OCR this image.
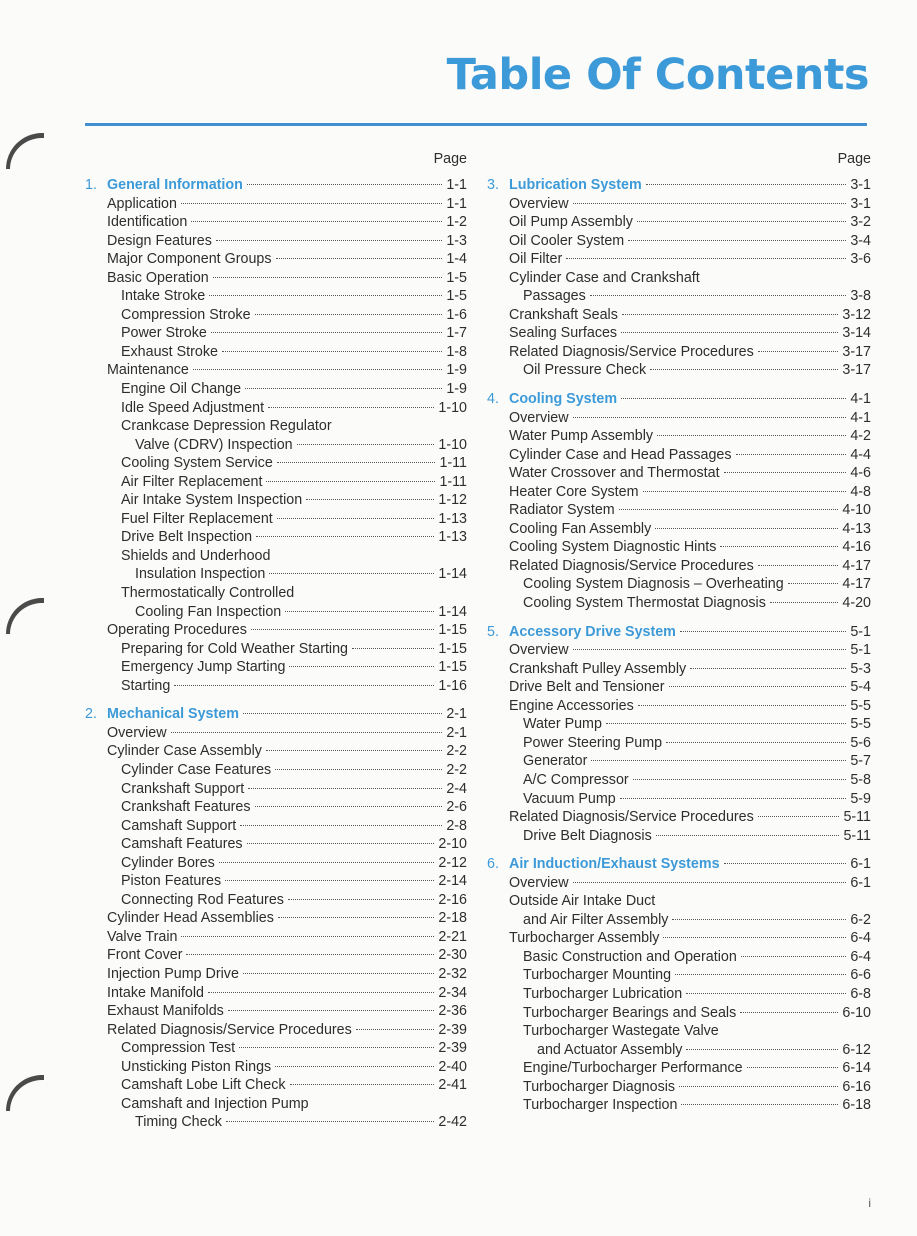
Table Of Contents
Page
1. General Information	1-1
Application	1-1
Identification	1-2
Design Features	1-3
Major Component Groups	1-4
Basic Operation	1-5
Intake Stroke	1-5
Compression Stroke	1-6
Power Stroke	1-7
Exhaust Stroke	1-8
Maintenance	1-9
Engine Oil Change	1-9
Idle Speed Adjustment	1-10
Crankcase Depression Regulator
Valve (CDRV) Inspection	1-10
Cooling System Service	1-11
Air Filter Replacement	1-11
Air Intake System Inspection	1-12
Fuel Filter Replacement	1-13
Drive Belt Inspection	1-13
Shields and Underhood
Insulation Inspection	1-14
Thermostatically Controlled
Cooling Fan Inspection	1-14
Operating Procedures	1-15
Preparing for Cold Weather Starting	1-15
Emergency Jump Starting	1-15
Starting	1-16
2. Mechanical System	2-1
Overview	2-1
Cylinder Case Assembly	2-2
Cylinder Case Features	2-2
Crankshaft Support	2-4
Crankshaft Features	2-6
Camshaft Support	2-8
Camshaft Features	2-10
Cylinder Bores	2-12
Piston Features	2-14
Connecting Rod Features	2-16
Cylinder Head Assemblies	2-18
Valve Train	2-21
Front Cover	2-30
Injection Pump Drive	2-32
Intake Manifold	2-34
Exhaust Manifolds	2-36
Related Diagnosis/Service Procedures	2-39
Compression Test	2-39
Unsticking Piston Rings	2-40
Camshaft Lobe Lift Check	2-41
Camshaft and Injection Pump
Timing Check	2-42
Page
3. Lubrication System	3-1
Overview	3-1
Oil Pump Assembly	3-2
Oil Cooler System	3-4
Oil Filter	3-6
Cylinder Case and Crankshaft
Passages	3-8
Crankshaft Seals	3-12
Sealing Surfaces	3-14
Related Diagnosis/Service Procedures	3-17
Oil Pressure Check	3-17
4. Cooling System	4-1
Overview	4-1
Water Pump Assembly	4-2
Cylinder Case and Head Passages	4-4
Water Crossover and Thermostat	4-6
Heater Core System	4-8
Radiator System	4-10
Cooling Fan Assembly	4-13
Cooling System Diagnostic Hints	4-16
Related Diagnosis/Service Procedures	4-17
Cooling System Diagnosis – Overheating	4-17
Cooling System Thermostat Diagnosis	4-20
5. Accessory Drive System	5-1
Overview	5-1
Crankshaft Pulley Assembly	5-3
Drive Belt and Tensioner	5-4
Engine Accessories	5-5
Water Pump	5-5
Power Steering Pump	5-6
Generator	5-7
A/C Compressor	5-8
Vacuum Pump	5-9
Related Diagnosis/Service Procedures	5-11
Drive Belt Diagnosis	5-11
6. Air Induction/Exhaust Systems	6-1
Overview	6-1
Outside Air Intake Duct
and Air Filter Assembly	6-2
Turbocharger Assembly	6-4
Basic Construction and Operation	6-4
Turbocharger Mounting	6-6
Turbocharger Lubrication	6-8
Turbocharger Bearings and Seals	6-10
Turbocharger Wastegate Valve
and Actuator Assembly	6-12
Engine/Turbocharger Performance	6-14
Turbocharger Diagnosis	6-16
Turbocharger Inspection	6-18
i
